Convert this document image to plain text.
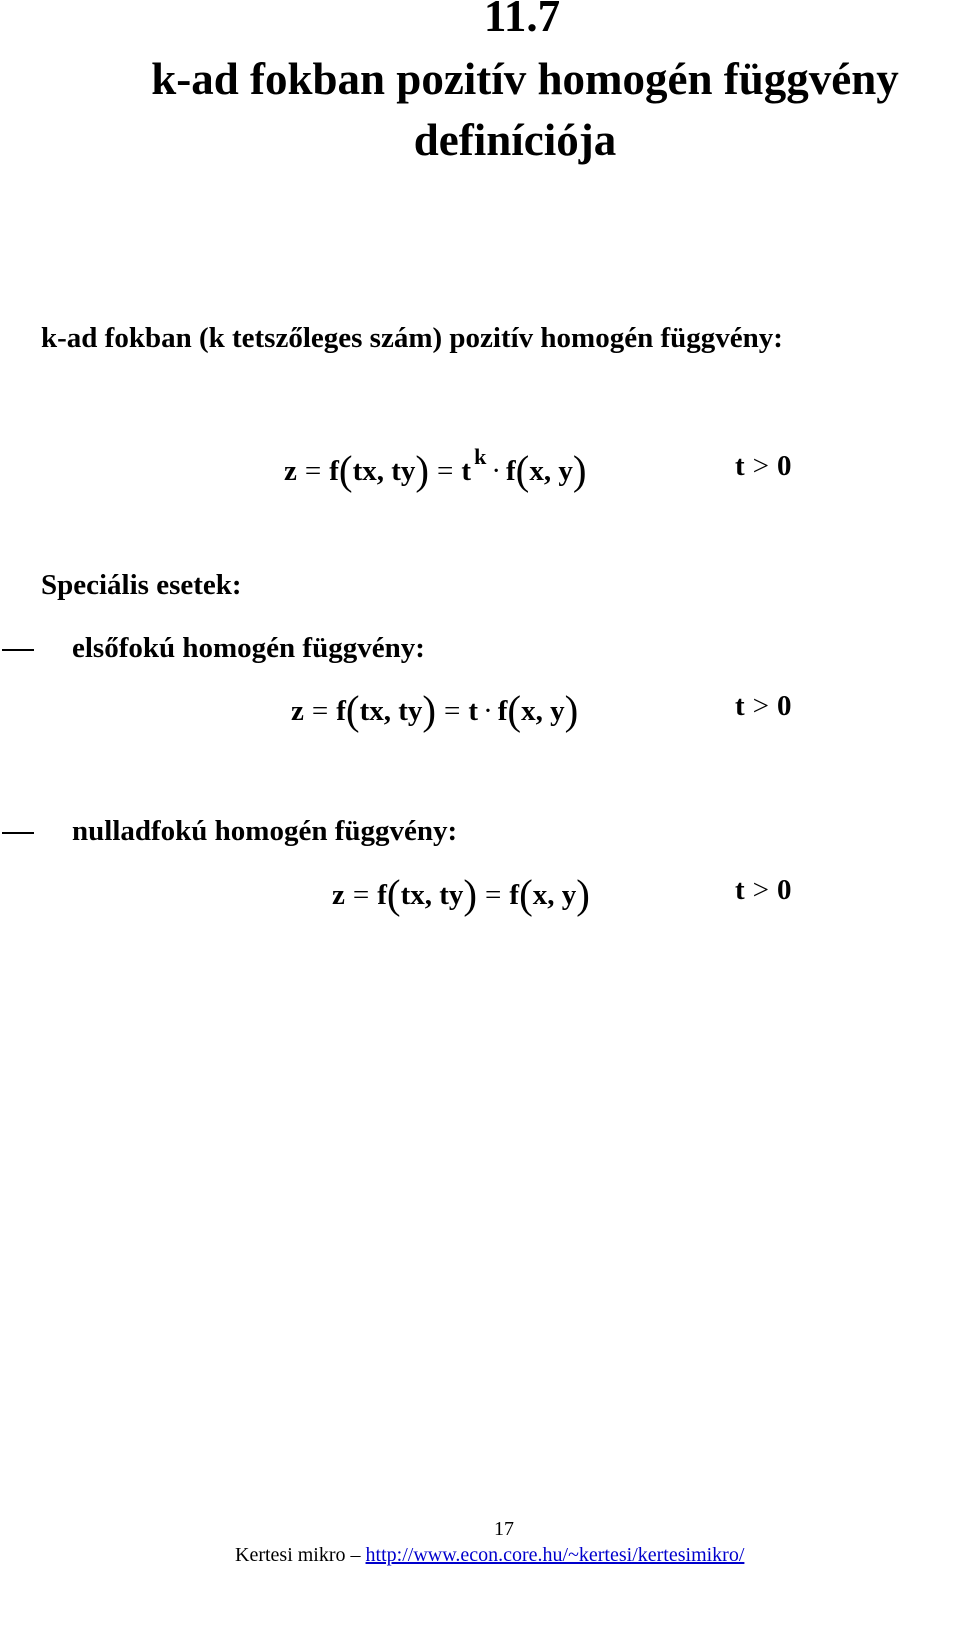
11.7
k-ad fokban pozitív homogén függvény
definíciója
k-ad fokban (k tetszőleges szám) pozitív homogén függvény:
z = f ( tx, ty ) = t k · f ( x, y )	t > 0
Speciális esetek:
elsőfokú homogén függvény:
z = f ( tx, ty ) = t · f ( x, y )	t > 0
nulladfokú homogén függvény:
z = f ( tx, ty ) = f ( x, y )	t > 0
17
Kertesi mikro – http://www.econ.core.hu/~kertesi/kertesimikro/
